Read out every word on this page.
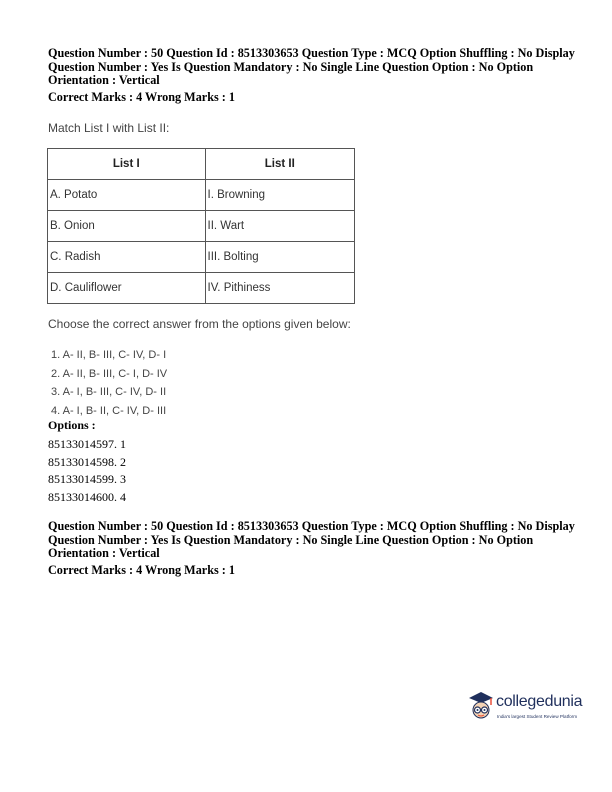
Question Number : 50 Question Id : 8513303653 Question Type : MCQ Option Shuffling : No Display
Question Number : Yes Is Question Mandatory : No Single Line Question Option : No Option
Orientation : Vertical
Correct Marks : 4 Wrong Marks : 1
Match List I with List II:
List I	List II
A. Potato	I. Browning
B. Onion	II. Wart
C. Radish	III. Bolting
D. Cauliflower	IV. Pithiness
Choose the correct answer from the options given below:
1. A- II, B- III, C- IV, D- I
2. A- II, B- III, C- I, D- IV
3. A- I, B- III, C- IV, D- II
4. A- I, B- II, C- IV, D- III
Options :
85133014597. 1
85133014598. 2
85133014599. 3
85133014600. 4
Question Number : 50 Question Id : 8513303653 Question Type : MCQ Option Shuffling : No Display
Question Number : Yes Is Question Mandatory : No Single Line Question Option : No Option
Orientation : Vertical
Correct Marks : 4 Wrong Marks : 1
collegedunia
India's largest Student Review Platform
